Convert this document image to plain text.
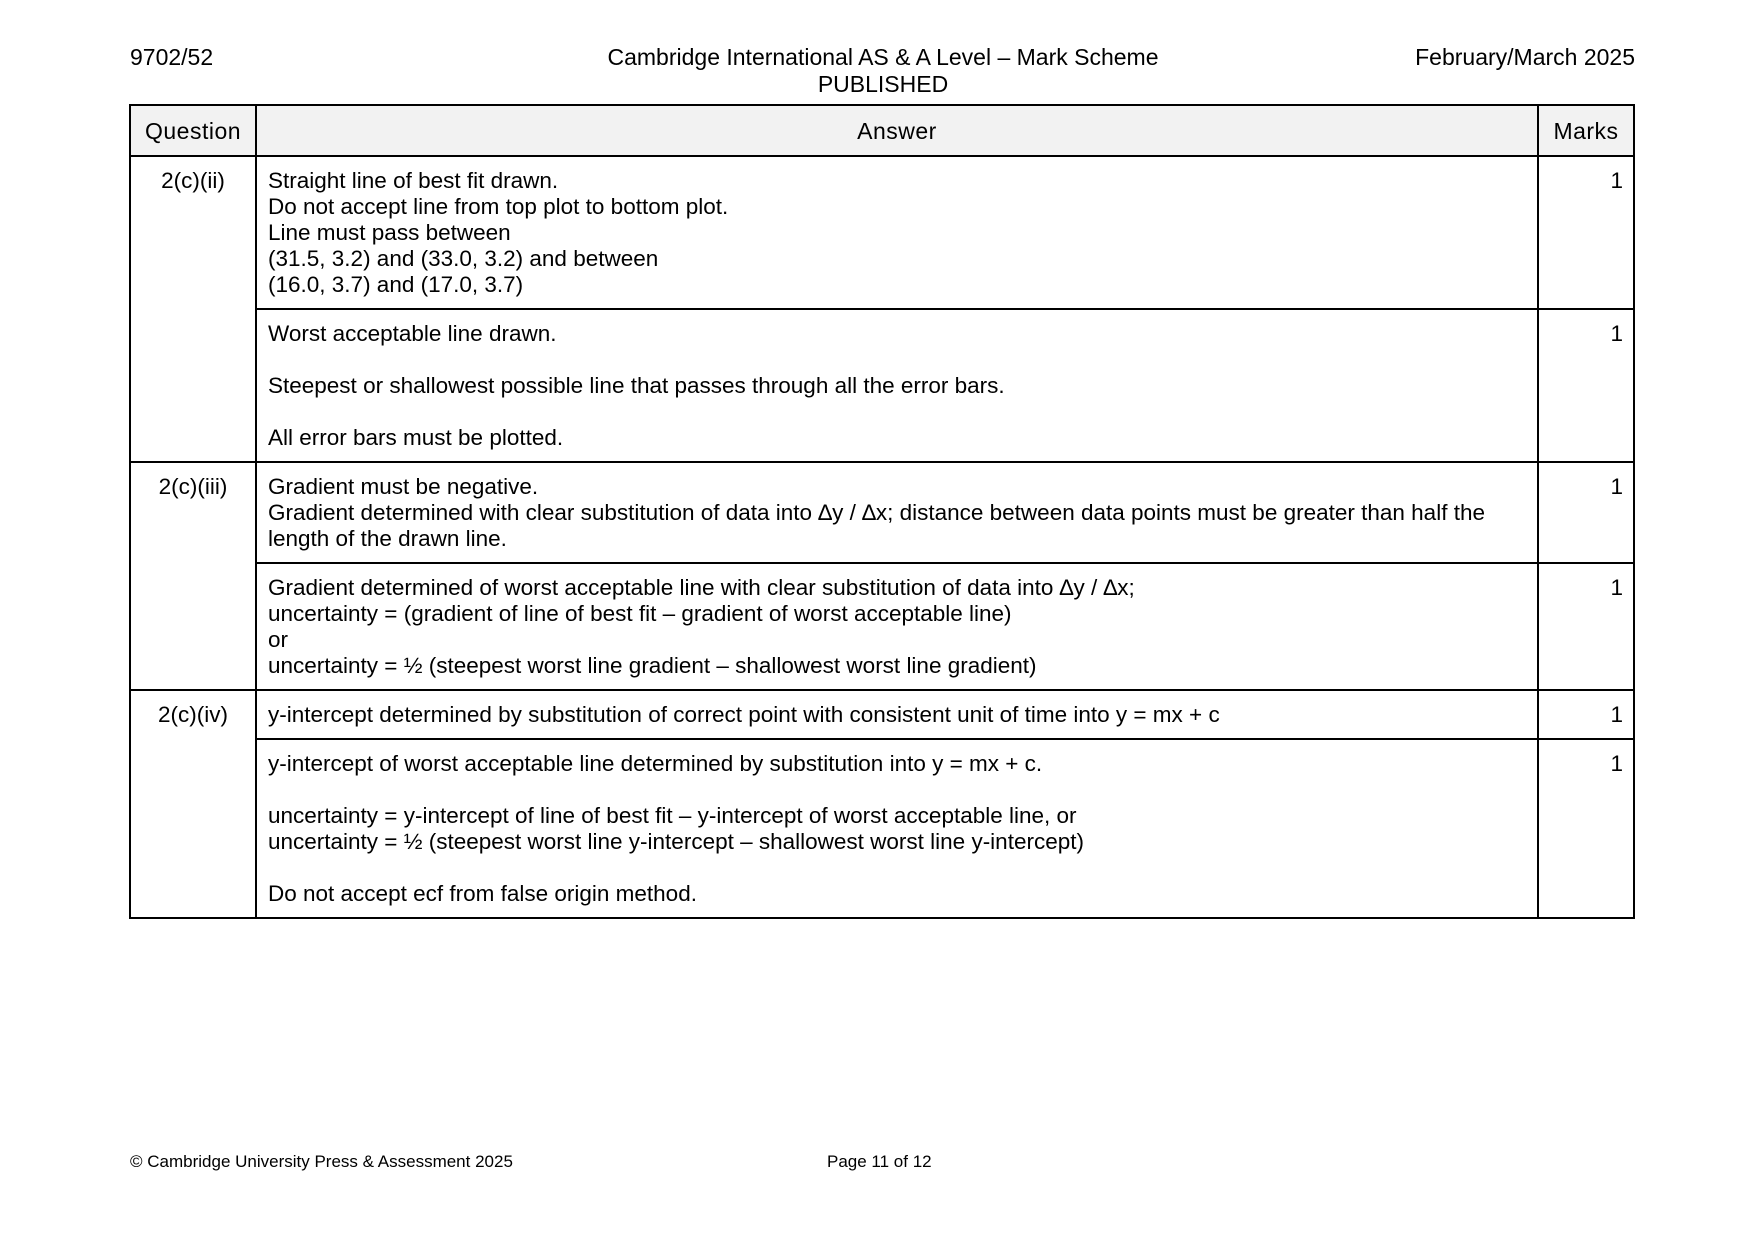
9702/52	Cambridge International AS & A Level – Mark Scheme
PUBLISHED
February/March 2025
Question	Answer	Marks
2(c)(ii)	Straight line of best fit drawn.
Do not accept line from top plot to bottom plot.
Line must pass between
(31.5, 3.2) and (33.0, 3.2) and between
(16.0, 3.7) and (17.0, 3.7)	1

	Worst acceptable line drawn.
Steepest or shallowest possible line that passes through all the error bars.
All error bars must be plotted.	1
2(c)(iii)	Gradient must be negative.
Gradient determined with clear substitution of data into ∆y / ∆x; distance between data points must be greater than half the length of the drawn line.	1

	Gradient determined of worst acceptable line with clear substitution of data into ∆y / ∆x;
uncertainty = (gradient of line of best fit – gradient of worst acceptable line)
or
uncertainty = ½ (steepest worst line gradient – shallowest worst line gradient)	1
2(c)(iv)	y-intercept determined by substitution of correct point with consistent unit of time into y = mx + c	1

	y-intercept of worst acceptable line determined by substitution into y = mx + c.
uncertainty = y-intercept of line of best fit – y-intercept of worst acceptable line, or
uncertainty = ½ (steepest worst line y-intercept – shallowest worst line y-intercept)
Do not accept ecf from false origin method.	1
© Cambridge University Press & Assessment 2025	Page 11 of 12
